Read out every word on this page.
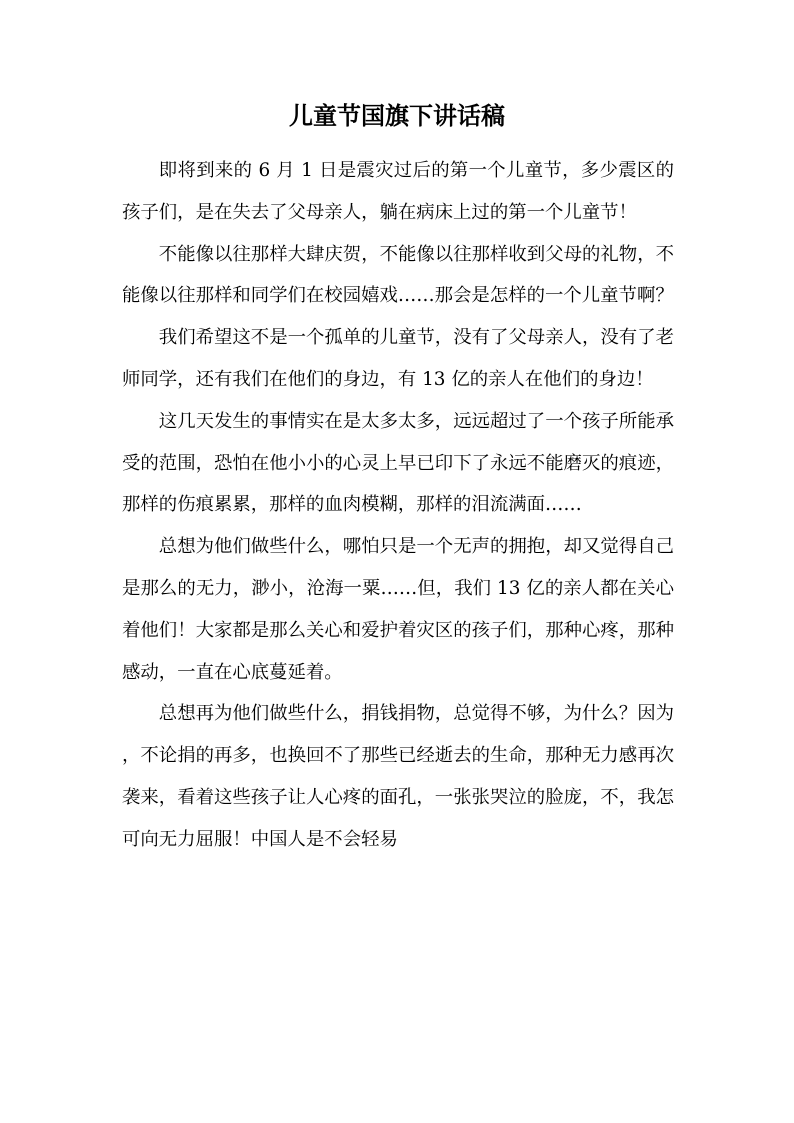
儿童节国旗下讲话稿

即将到来的 6 月 1 日是震灾过后的第一个儿童节，多少震区的孩子们，是在失去了父母亲人，躺在病床上过的第一个儿童节！

不能像以往那样大肆庆贺，不能像以往那样收到父母的礼物，不能像以往那样和同学们在校园嬉戏……那会是怎样的一个儿童节啊？

我们希望这不是一个孤单的儿童节，没有了父母亲人，没有了老师同学，还有我们在他们的身边，有 13 亿的亲人在他们的身边！

这几天发生的事情实在是太多太多，远远超过了一个孩子所能承受的范围，恐怕在他小小的心灵上早已印下了永远不能磨灭的痕迹，那样的伤痕累累，那样的血肉模糊，那样的泪流满面……

总想为他们做些什么，哪怕只是一个无声的拥抱，却又觉得自己是那么的无力，渺小，沧海一粟……但，我们 13 亿的亲人都在关心着他们！大家都是那么关心和爱护着灾区的孩子们，那种心疼，那种感动，一直在心底蔓延着。

总想再为他们做些什么，捐钱捐物，总觉得不够，为什么？因为，不论捐的再多，也换回不了那些已经逝去的生命，那种无力感再次袭来，看着这些孩子让人心疼的面孔，一张张哭泣的脸庞，不，我怎可向无力屈服！中国人是不会轻易
